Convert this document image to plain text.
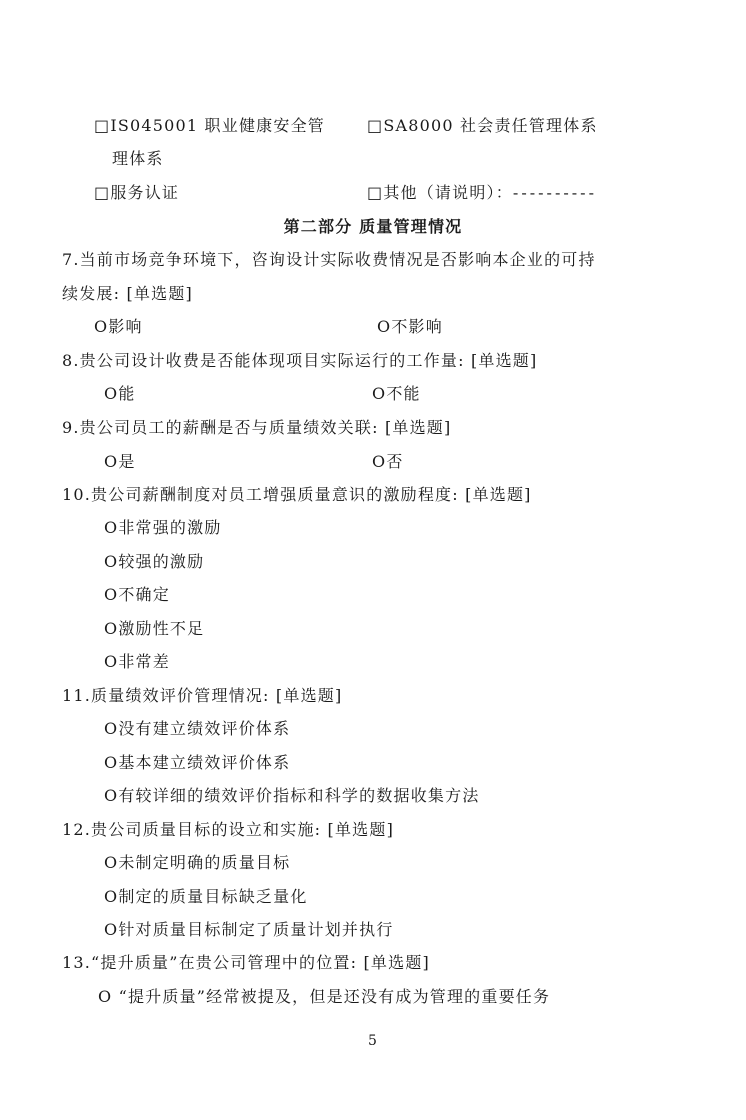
□IS045001 职业健康安全管	□SA8000 社会责任管理体系
理体系
□服务认证	□其他（请说明）：----------
第二部分 质量管理情况
7.当前市场竞争环境下，咨询设计实际收费情况是否影响本企业的可持
续发展: [单选题]
O影响	O不影响
8.贵公司设计收费是否能体现项目实际运行的工作量: [单选题]
O能	O不能
9.贵公司员工的薪酬是否与质量绩效关联: [单选题]
O是	O否
10.贵公司薪酬制度对员工增强质量意识的激励程度: [单选题]
O非常强的激励
O较强的激励
O不确定
O激励性不足
O非常差
11.质量绩效评价管理情况: [单选题]
O没有建立绩效评价体系
O基本建立绩效评价体系
O有较详细的绩效评价指标和科学的数据收集方法
12.贵公司质量目标的设立和实施: [单选题]
O未制定明确的质量目标
O制定的质量目标缺乏量化
O针对质量目标制定了质量计划并执行
13.“提升质量”在贵公司管理中的位置: [单选题]
O “提升质量”经常被提及，但是还没有成为管理的重要任务
5
